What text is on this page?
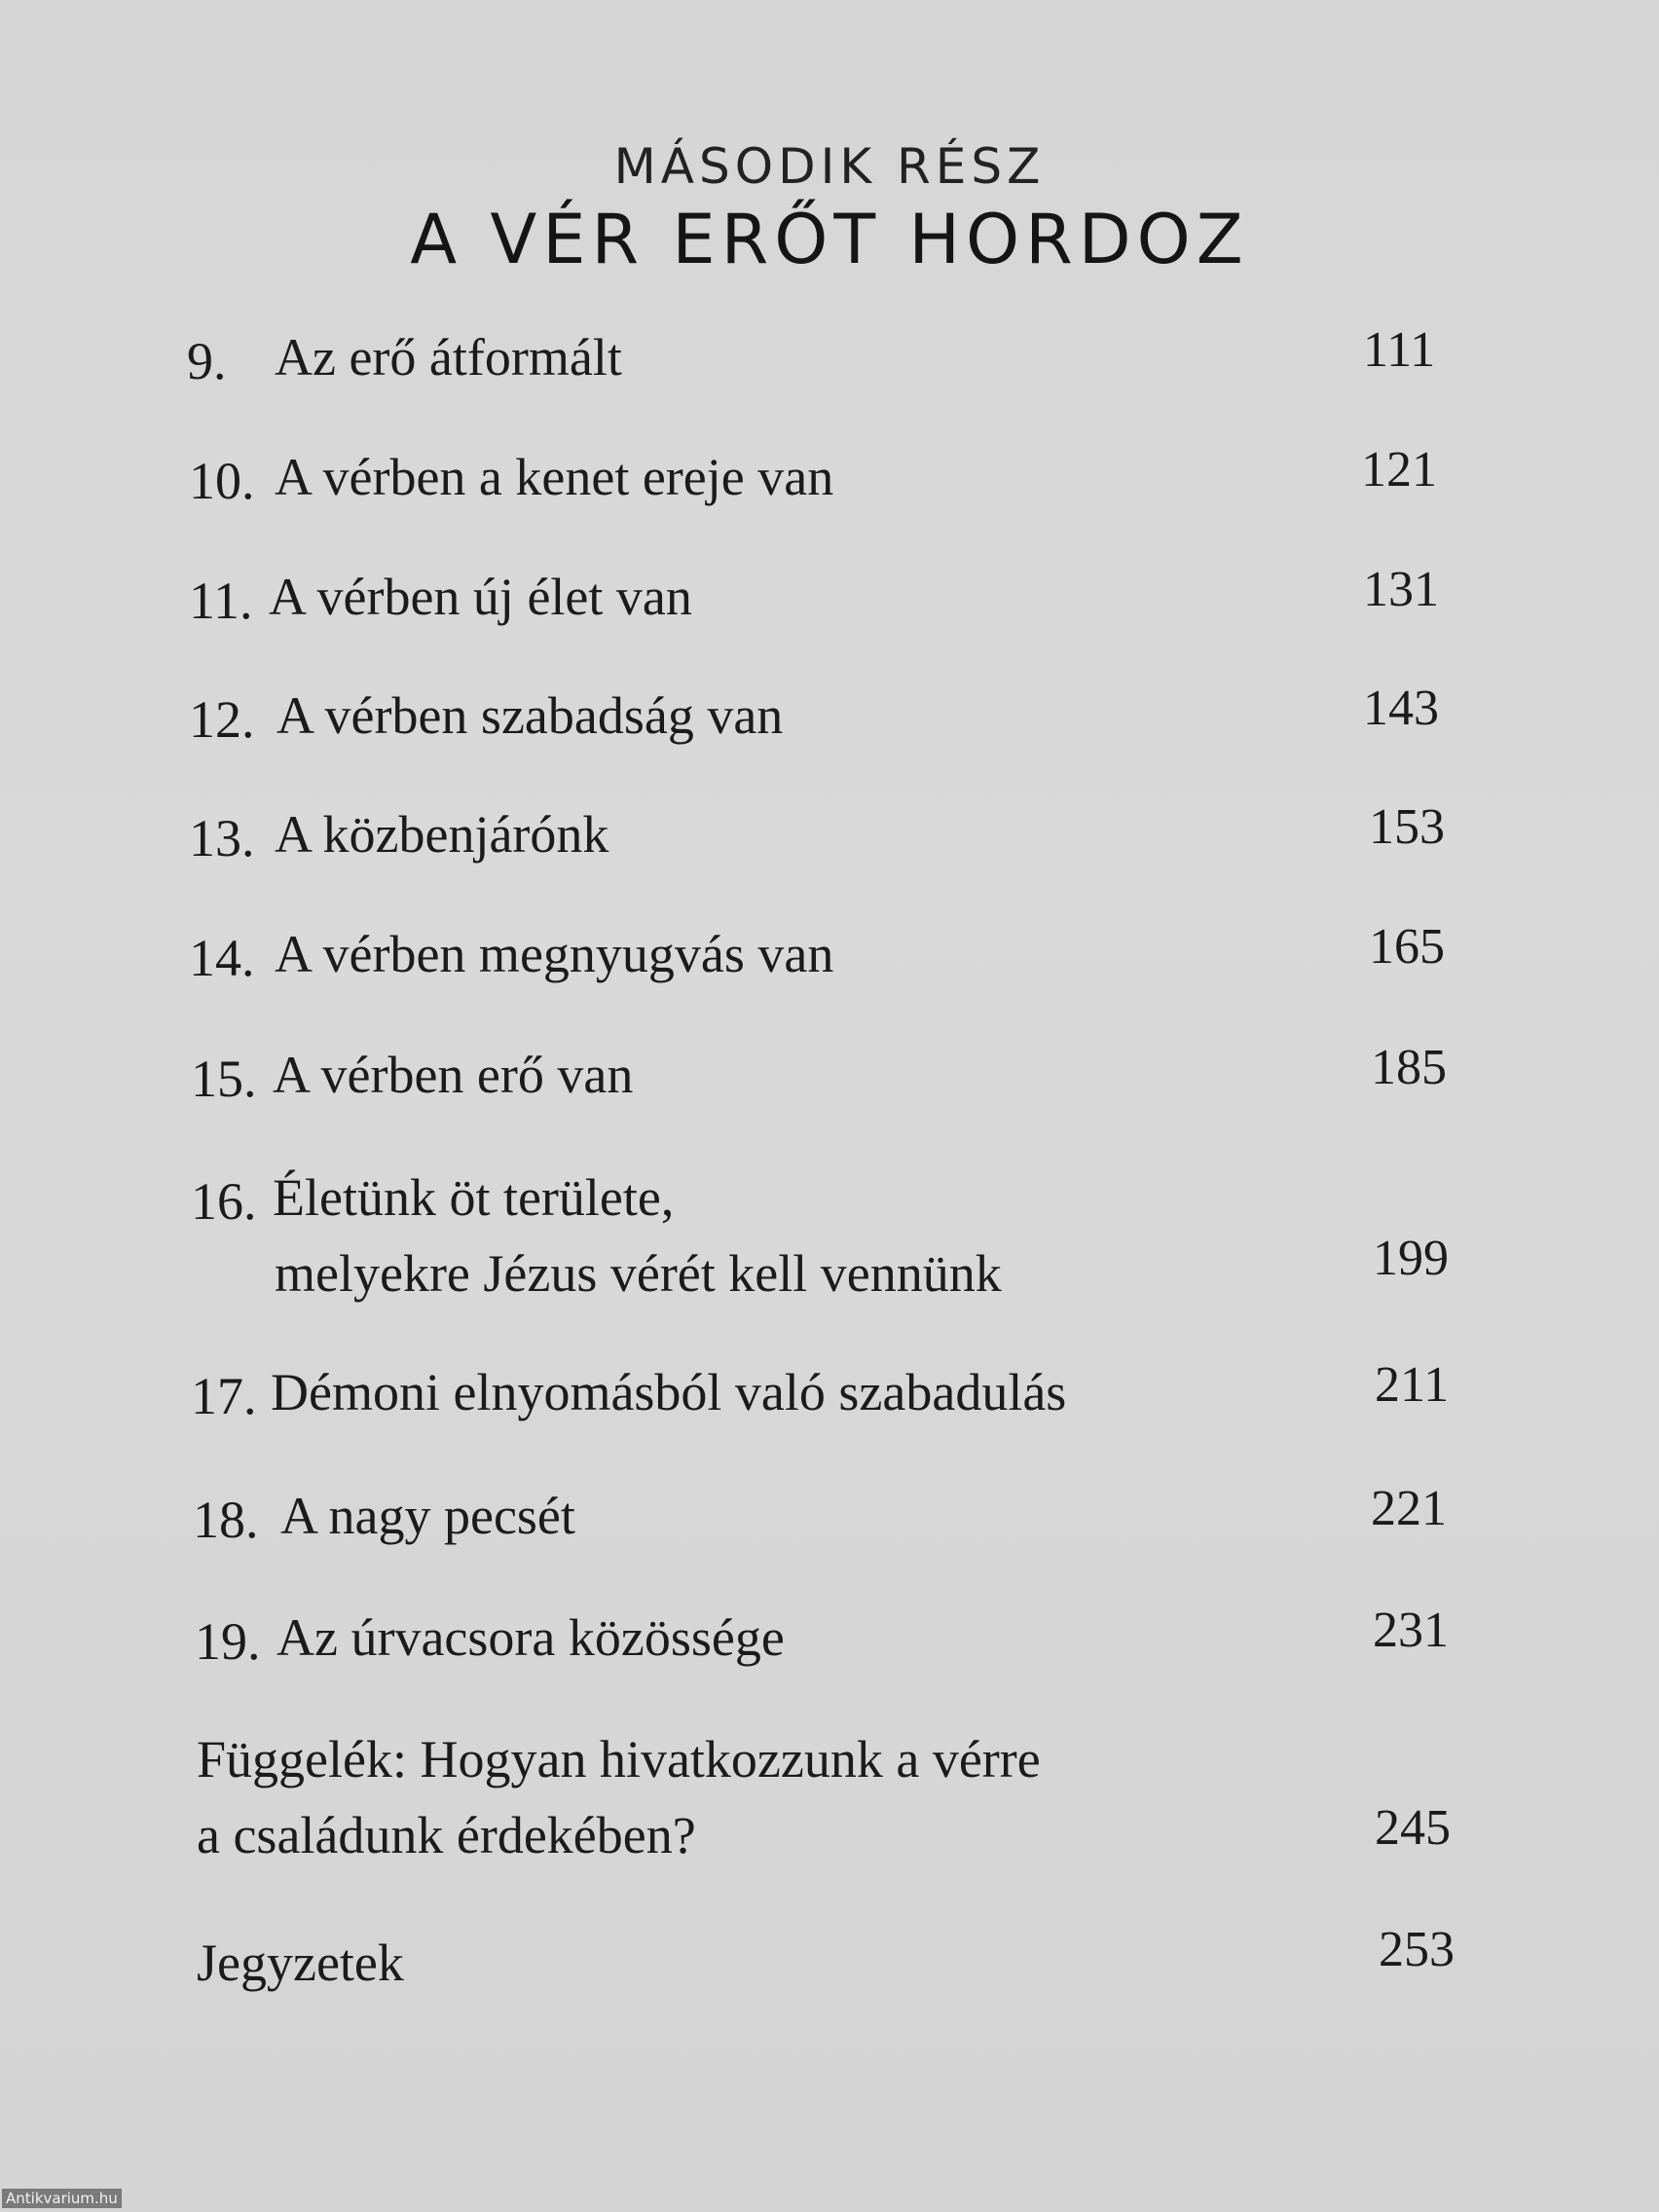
MÁSODIK RÉSZ
A VÉR ERŐT HORDOZ
9. Az erő átformált	111
10. A vérben a kenet ereje van	121
11. A vérben új élet van	131
12. A vérben szabadság van	143
13. A közbenjárónk	153
14. A vérben megnyugvás van	165
15. A vérben erő van	185
16. Életünk öt területe,
melyekre Jézus vérét kell vennünk	199
17. Démoni elnyomásból való szabadulás	211
18. A nagy pecsét	221
19. Az úrvacsora közössége	231
Függelék: Hogyan hivatkozzunk a vérre
a családunk érdekében?	245
Jegyzetek	253
Antikvarium.hu
